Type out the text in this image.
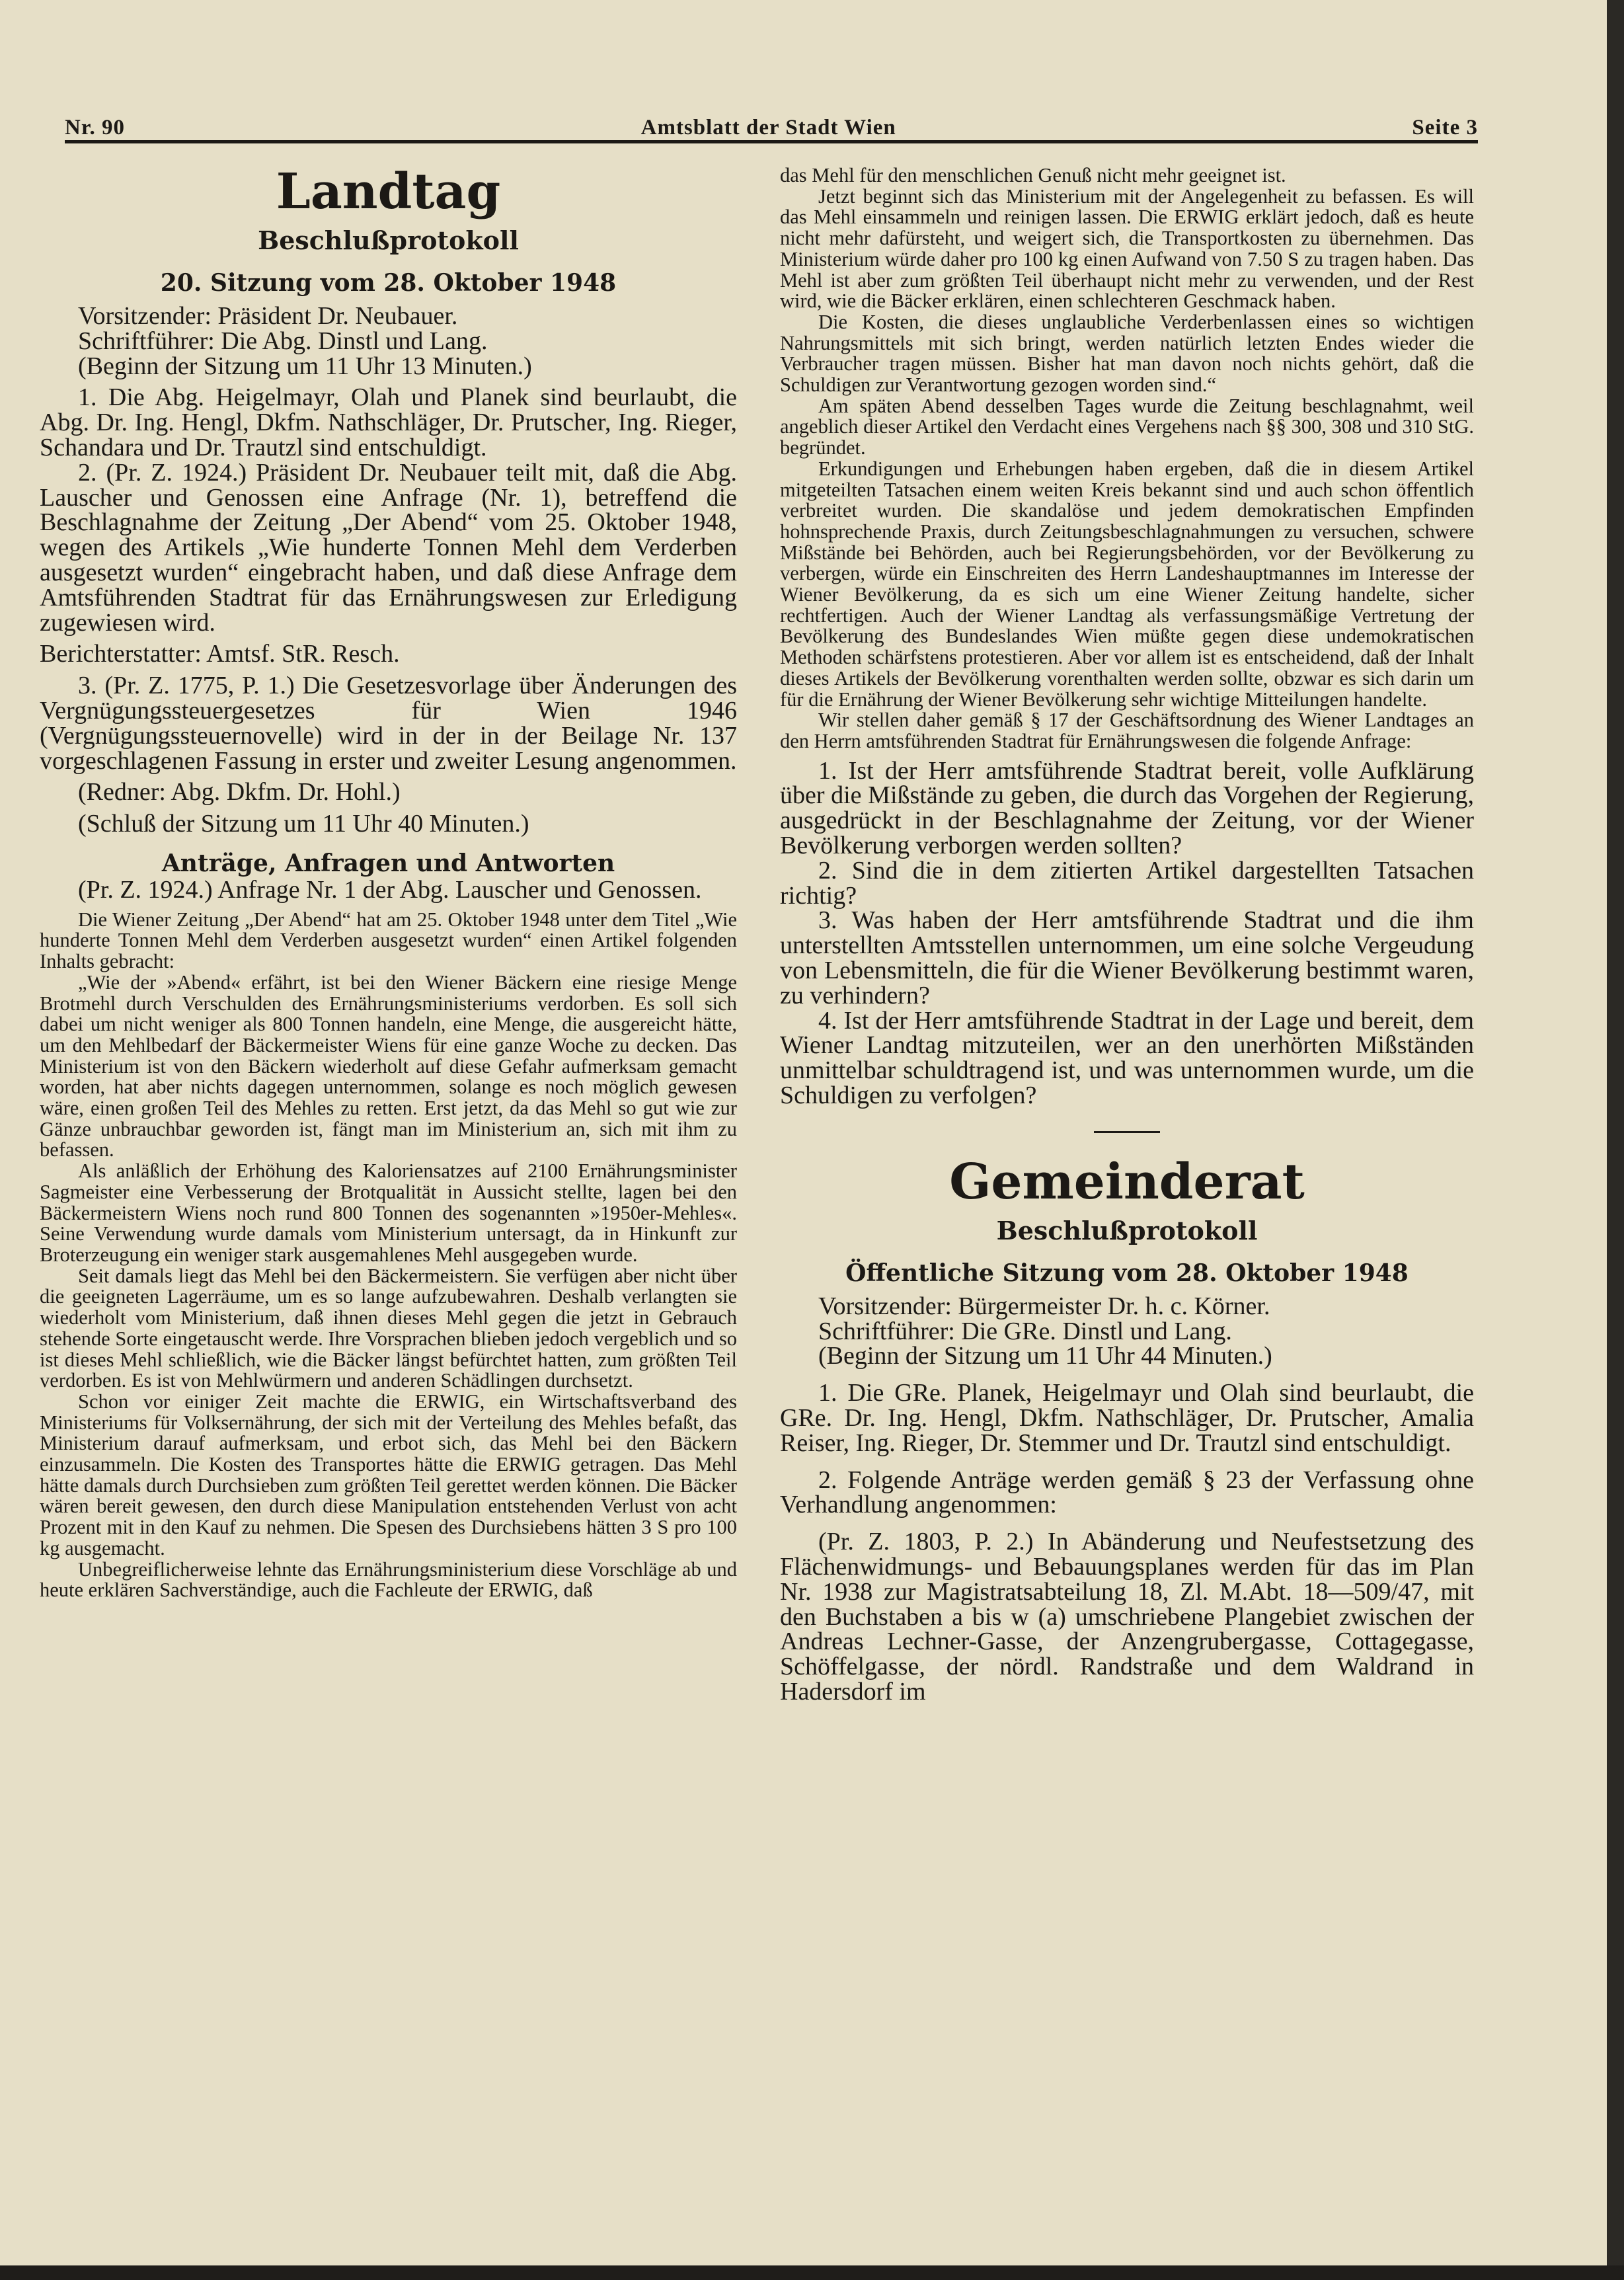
Nr. 90	Amtsblatt der Stadt Wien	Seite 3
Landtag
Beschlußprotokoll
20. Sitzung vom 28. Oktober 1948

Vorsitzender: Präsident Dr. Neubauer.

Schriftführer: Die Abg. Dinstl und Lang.

(Beginn der Sitzung um 11 Uhr 13 Minuten.)

1. Die Abg. Heigelmayr, Olah und Planek sind beurlaubt, die Abg. Dr. Ing. Hengl, Dkfm. Nathschläger, Dr. Prutscher, Ing. Rieger, Schandara und Dr. Trautzl sind entschuldigt.

2. (Pr. Z. 1924.) Präsident Dr. Neubauer teilt mit, daß die Abg. Lauscher und Genossen eine Anfrage (Nr. 1), betreffend die Beschlagnahme der Zeitung „Der Abend“ vom 25. Oktober 1948, wegen des Artikels „Wie hunderte Tonnen Mehl dem Verderben ausgesetzt wurden“ eingebracht haben, und daß diese Anfrage dem Amtsführenden Stadtrat für das Ernährungswesen zur Erledigung zugewiesen wird.

Berichterstatter: Amtsf. StR. Resch.

3. (Pr. Z. 1775, P. 1.) Die Gesetzesvorlage über Änderungen des Vergnügungssteuergesetzes für Wien 1946 (Vergnügungssteuernovelle) wird in der in der Beilage Nr. 137 vorgeschlagenen Fassung in erster und zweiter Lesung angenommen.

(Redner: Abg. Dkfm. Dr. Hohl.)

(Schluß der Sitzung um 11 Uhr 40 Minuten.)

Anträge, Anfragen und Antworten

(Pr. Z. 1924.) Anfrage Nr. 1 der Abg. Lauscher und Genossen.

Die Wiener Zeitung „Der Abend“ hat am 25. Oktober 1948 unter dem Titel „Wie hunderte Tonnen Mehl dem Verderben ausgesetzt wurden“ einen Artikel folgenden Inhalts gebracht:

„Wie der »Abend« erfährt, ist bei den Wiener Bäckern eine riesige Menge Brotmehl durch Verschulden des Ernährungsministeriums verdorben. Es soll sich dabei um nicht weniger als 800 Tonnen handeln, eine Menge, die ausgereicht hätte, um den Mehlbedarf der Bäckermeister Wiens für eine ganze Woche zu decken. Das Ministerium ist von den Bäckern wiederholt auf diese Gefahr aufmerksam gemacht worden, hat aber nichts dagegen unternommen, solange es noch möglich gewesen wäre, einen großen Teil des Mehles zu retten. Erst jetzt, da das Mehl so gut wie zur Gänze unbrauchbar geworden ist, fängt man im Ministerium an, sich mit ihm zu befassen.

Als anläßlich der Erhöhung des Kaloriensatzes auf 2100 Ernährungsminister Sagmeister eine Verbesserung der Brotqualität in Aussicht stellte, lagen bei den Bäckermeistern Wiens noch rund 800 Tonnen des sogenannten »1950er-Mehles«. Seine Verwendung wurde damals vom Ministerium untersagt, da in Hinkunft zur Broterzeugung ein weniger stark ausgemahlenes Mehl ausgegeben wurde.

Seit damals liegt das Mehl bei den Bäckermeistern. Sie verfügen aber nicht über die geeigneten Lagerräume, um es so lange aufzubewahren. Deshalb verlangten sie wiederholt vom Ministerium, daß ihnen dieses Mehl gegen die jetzt in Gebrauch stehende Sorte eingetauscht werde. Ihre Vorsprachen blieben jedoch vergeblich und so ist dieses Mehl schließlich, wie die Bäcker längst befürchtet hatten, zum größten Teil verdorben. Es ist von Mehlwürmern und anderen Schädlingen durchsetzt.

Schon vor einiger Zeit machte die ERWIG, ein Wirtschaftsverband des Ministeriums für Volksernährung, der sich mit der Verteilung des Mehles befaßt, das Ministerium darauf aufmerksam, und erbot sich, das Mehl bei den Bäckern einzusammeln. Die Kosten des Transportes hätte die ERWIG getragen. Das Mehl hätte damals durch Durchsieben zum größten Teil gerettet werden können. Die Bäcker wären bereit gewesen, den durch diese Manipulation entstehenden Verlust von acht Prozent mit in den Kauf zu nehmen. Die Spesen des Durchsiebens hätten 3 S pro 100 kg ausgemacht.

Unbegreiflicherweise lehnte das Ernährungsministerium diese Vorschläge ab und heute erklären Sachverständige, auch die Fachleute der ERWIG, daß

das Mehl für den menschlichen Genuß nicht mehr geeignet ist.

Jetzt beginnt sich das Ministerium mit der Angelegenheit zu befassen. Es will das Mehl einsammeln und reinigen lassen. Die ERWIG erklärt jedoch, daß es heute nicht mehr dafürsteht, und weigert sich, die Transportkosten zu übernehmen. Das Ministerium würde daher pro 100 kg einen Aufwand von 7.50 S zu tragen haben. Das Mehl ist aber zum größten Teil überhaupt nicht mehr zu verwenden, und der Rest wird, wie die Bäcker erklären, einen schlechteren Geschmack haben.

Die Kosten, die dieses unglaubliche Verderbenlassen eines so wichtigen Nahrungsmittels mit sich bringt, werden natürlich letzten Endes wieder die Verbraucher tragen müssen. Bisher hat man davon noch nichts gehört, daß die Schuldigen zur Verantwortung gezogen worden sind.“

Am späten Abend desselben Tages wurde die Zeitung beschlagnahmt, weil angeblich dieser Artikel den Verdacht eines Vergehens nach §§ 300, 308 und 310 StG. begründet.

Erkundigungen und Erhebungen haben ergeben, daß die in diesem Artikel mitgeteilten Tatsachen einem weiten Kreis bekannt sind und auch schon öffentlich verbreitet wurden. Die skandalöse und jedem demokratischen Empfinden hohnsprechende Praxis, durch Zeitungsbeschlagnahmungen zu versuchen, schwere Mißstände bei Behörden, auch bei Regierungsbehörden, vor der Bevölkerung zu verbergen, würde ein Einschreiten des Herrn Landeshauptmannes im Interesse der Wiener Bevölkerung, da es sich um eine Wiener Zeitung handelte, sicher rechtfertigen. Auch der Wiener Landtag als verfassungsmäßige Vertretung der Bevölkerung des Bundeslandes Wien müßte gegen diese undemokratischen Methoden schärfstens protestieren. Aber vor allem ist es entscheidend, daß der Inhalt dieses Artikels der Bevölkerung vorenthalten werden sollte, obzwar es sich darin um für die Ernährung der Wiener Bevölkerung sehr wichtige Mitteilungen handelte.

Wir stellen daher gemäß § 17 der Geschäftsordnung des Wiener Landtages an den Herrn amtsführenden Stadtrat für Ernährungswesen die folgende Anfrage:

1. Ist der Herr amtsführende Stadtrat bereit, volle Aufklärung über die Mißstände zu geben, die durch das Vorgehen der Regierung, ausgedrückt in der Beschlagnahme der Zeitung, vor der Wiener Bevölkerung verborgen werden sollten?

2. Sind die in dem zitierten Artikel dargestellten Tatsachen richtig?

3. Was haben der Herr amtsführende Stadtrat und die ihm unterstellten Amtsstellen unternommen, um eine solche Vergeudung von Lebensmitteln, die für die Wiener Bevölkerung bestimmt waren, zu verhindern?

4. Ist der Herr amtsführende Stadtrat in der Lage und bereit, dem Wiener Landtag mitzuteilen, wer an den unerhörten Mißständen unmittelbar schuldtragend ist, und was unternommen wurde, um die Schuldigen zu verfolgen?

Gemeinderat
Beschlußprotokoll
Öffentliche Sitzung vom 28. Oktober 1948

Vorsitzender: Bürgermeister Dr. h. c. Körner.

Schriftführer: Die GRe. Dinstl und Lang.

(Beginn der Sitzung um 11 Uhr 44 Minuten.)

1. Die GRe. Planek, Heigelmayr und Olah sind beurlaubt, die GRe. Dr. Ing. Hengl, Dkfm. Nathschläger, Dr. Prutscher, Amalia Reiser, Ing. Rieger, Dr. Stemmer und Dr. Trautzl sind entschuldigt.

2. Folgende Anträge werden gemäß § 23 der Verfassung ohne Verhandlung angenommen:

(Pr. Z. 1803, P. 2.) In Abänderung und Neufestsetzung des Flächenwidmungs- und Bebauungsplanes werden für das im Plan Nr. 1938 zur Magistratsabteilung 18, Zl. M.Abt. 18—509/47, mit den Buchstaben a bis w (a) umschriebene Plangebiet zwischen der Andreas Lechner-Gasse, der Anzengrubergasse, Cottagegasse, Schöffelgasse, der nördl. Randstraße und dem Waldrand in Hadersdorf im
